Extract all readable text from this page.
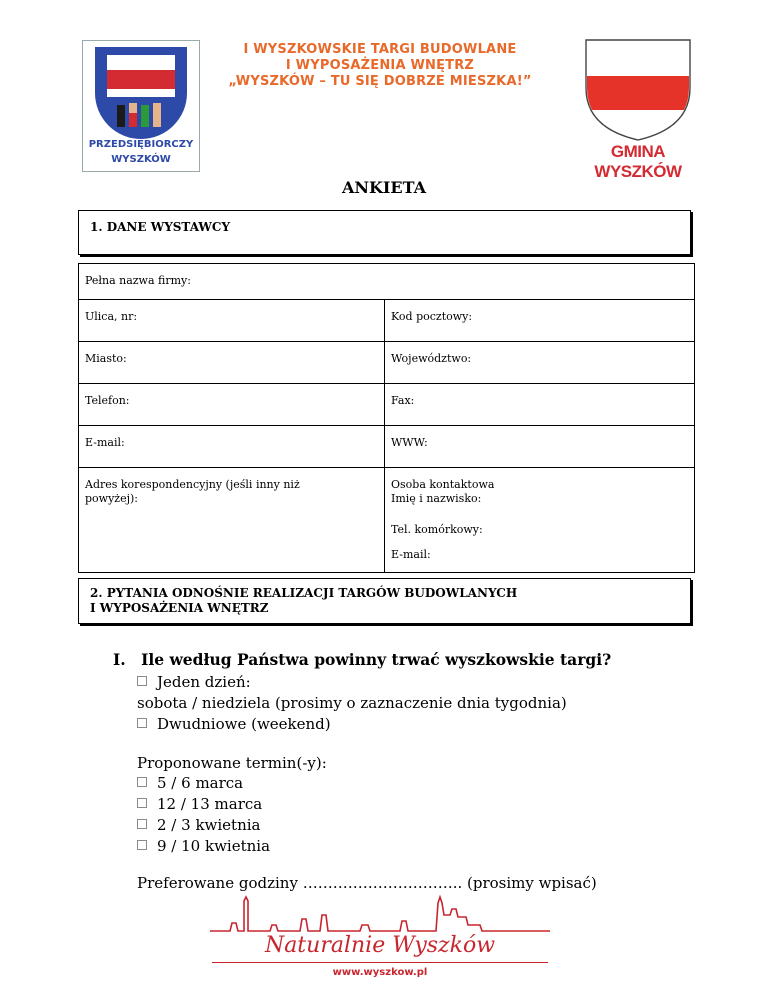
PRZEDSIĘBIORCZY
WYSZKÓW
I WYSZKOWSKIE TARGI BUDOWLANE
I WYPOSAŻENIA WNĘTRZ
„WYSZKÓW – TU SIĘ DOBRZE MIESZKA!”
GMINA WYSZKÓW
ANKIETA
1. DANE WYSTAWCY
Pełna nazwa firmy:	

Ulica, nr:	Kod pocztowy:

Miasto:	Województwo:

Telefon:	Fax:

E-mail:	WWW:

Adres korespondencyjny (jeśli inny niż
powyżej):	Osoba kontaktowa
Imię i nazwisko:
Tel. komórkowy:
E-mail:
2. PYTANIA ODNOŚNIE REALIZACJI TARGÓW BUDOWLANYCH
I WYPOSAŻENIA WNĘTRZ
I. Ile według Państwa powinny trwać wyszkowskie targi?
Jeden dzień:
sobota / niedziela (prosimy o zaznaczenie dnia tygodnia)
Dwudniowe (weekend)
Proponowane termin(-y):
5 / 6 marca
12 / 13 marca
2 / 3 kwietnia
9 / 10 kwietnia
Preferowane godziny ………………………….. (prosimy wpisać)
Naturalnie Wyszków
www.wyszkow.pl
